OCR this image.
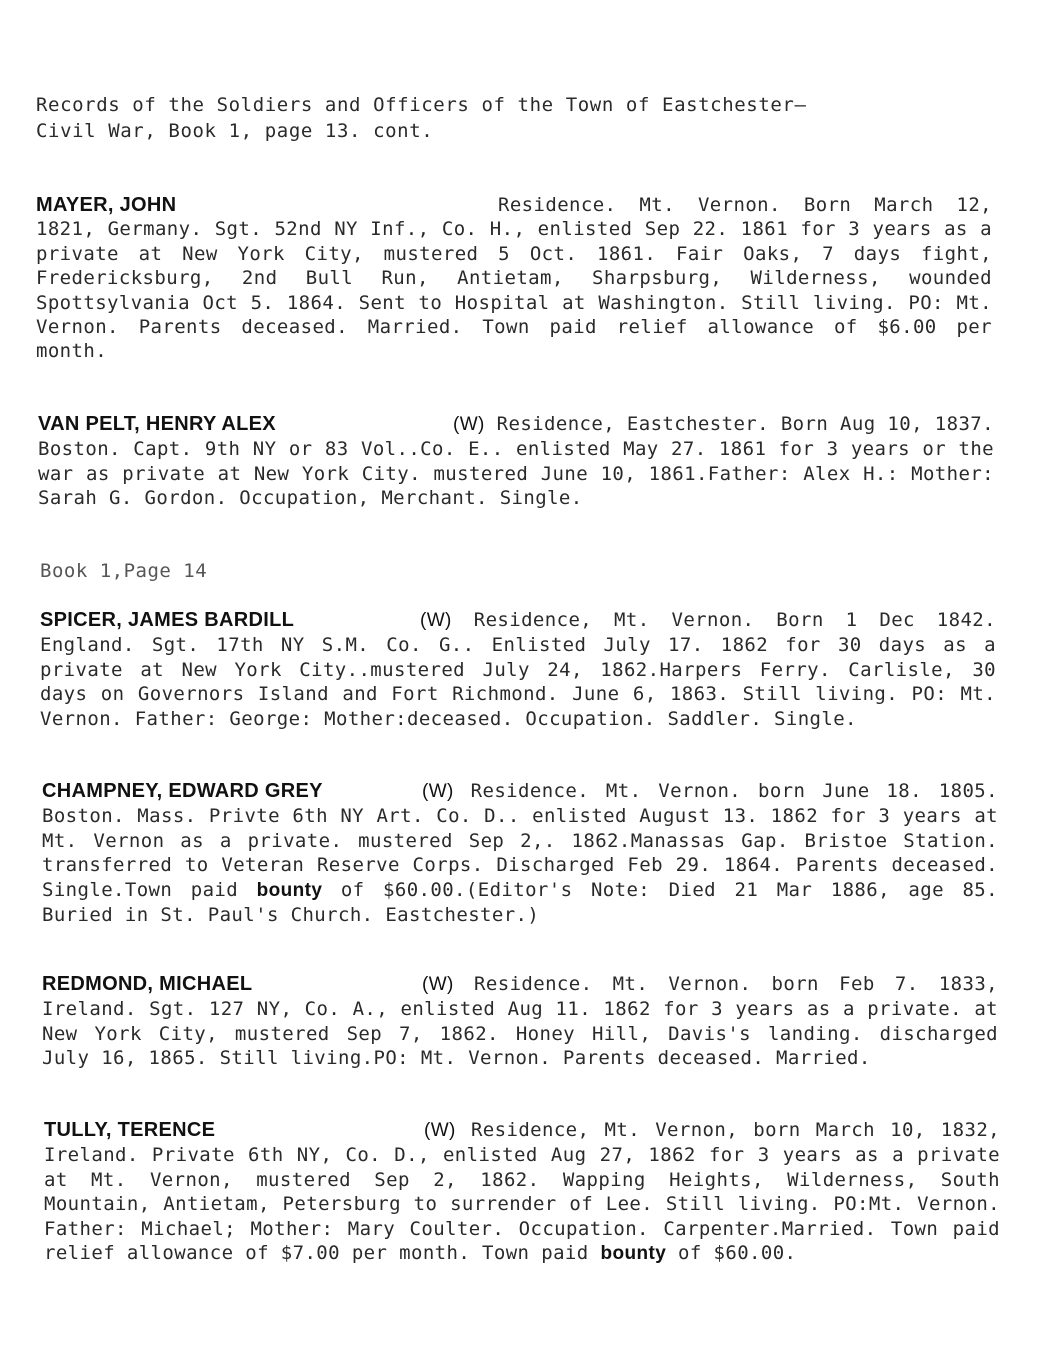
Records of the Soldiers and Officers of the Town of Eastchester—
Civil War, Book 1, page 13. cont.
MAYER, JOHN	Residence. Mt. Vernon. Born March 12, 1821, Germany. Sgt. 52nd NY Inf., Co. H., enlisted Sep 22. 1861 for 3 years as a private at New York City, mustered 5 Oct. 1861. Fair Oaks, 7 days fight, Fredericksburg, 2nd Bull Run, Antietam, Sharpsburg, Wilderness, wounded Spottsylvania Oct 5. 1864. Sent to Hospital at Washington. Still living. PO: Mt. Vernon. Parents deceased. Married. Town paid relief allowance of $6.00 per month.
VAN PELT, HENRY ALEX	(W) Residence, Eastchester. Born Aug 10, 1837. Boston. Capt. 9th NY or 83 Vol..Co. E.. enlisted May 27. 1861 for 3 years or the war as private at New York City. mustered June 10, 1861.Father: Alex H.: Mother: Sarah G. Gordon. Occupation, Merchant. Single.
Book 1,Page 14
SPICER, JAMES BARDILL	(W) Residence, Mt. Vernon. Born 1 Dec 1842. England. Sgt. 17th NY S.M. Co. G.. Enlisted July 17. 1862 for 30 days as a private at New York City..mustered July 24, 1862.Harpers Ferry. Carlisle, 30 days on Governors Island and Fort Richmond. June 6, 1863. Still living. PO: Mt. Vernon. Father: George: Mother:deceased. Occupation. Saddler. Single.
CHAMPNEY, EDWARD GREY	(W) Residence. Mt. Vernon. born June 18. 1805. Boston. Mass. Privte 6th NY Art. Co. D.. enlisted August 13. 1862 for 3 years at Mt. Vernon as a private. mustered Sep 2,. 1862.Manassas Gap. Bristoe Station. transferred to Veteran Reserve Corps. Discharged Feb 29. 1864. Parents deceased. Single.Town paid bounty of $60.00.(Editor's Note: Died 21 Mar 1886, age 85. Buried in St. Paul's Church. Eastchester.)
REDMOND, MICHAEL	(W) Residence. Mt. Vernon. born Feb 7. 1833, Ireland. Sgt. 127 NY, Co. A., enlisted Aug 11. 1862 for 3 years as a private. at New York City, mustered Sep 7, 1862. Honey Hill, Davis's landing. discharged July 16, 1865. Still living.PO: Mt. Vernon. Parents deceased. Married.
TULLY, TERENCE	(W) Residence, Mt. Vernon, born March 10, 1832, Ireland. Private 6th NY, Co. D., enlisted Aug 27, 1862 for 3 years as a private at Mt. Vernon, mustered Sep 2, 1862. Wapping Heights, Wilderness, South Mountain, Antietam, Petersburg to surrender of Lee. Still living. PO:Mt. Vernon. Father: Michael; Mother: Mary Coulter. Occupation. Carpenter.Married. Town paid relief allowance of $7.00 per month. Town paid bounty of $60.00.
